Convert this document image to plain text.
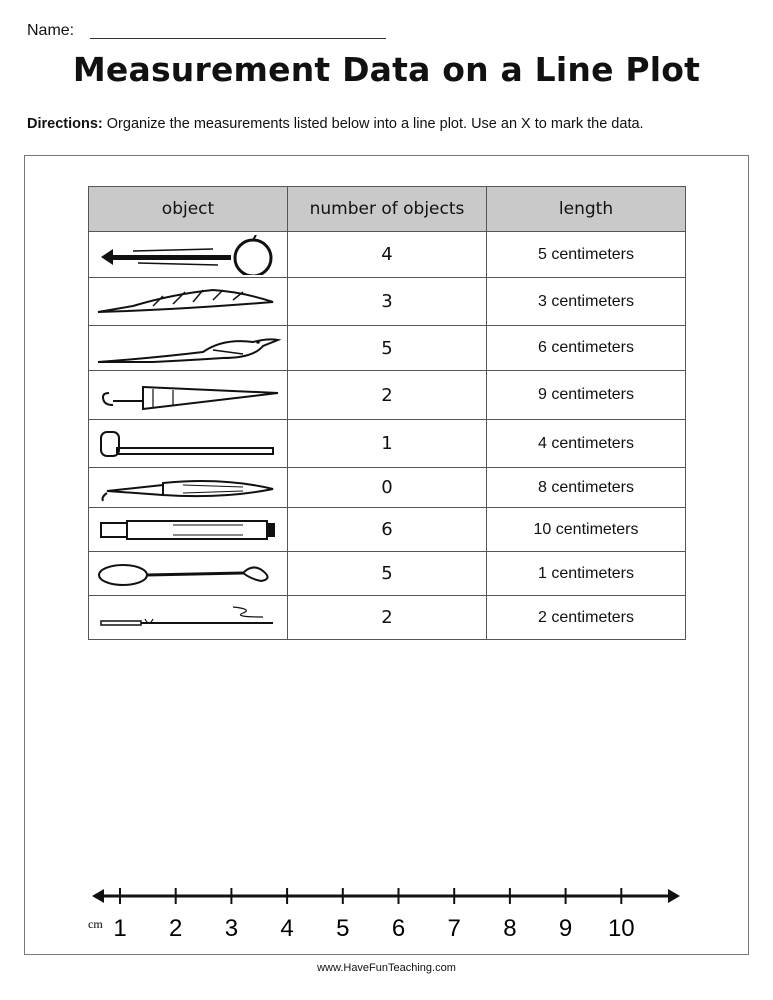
Name:
Measurement Data on a Line Plot
Directions: Organize the measurements listed below into a line plot. Use an X to mark the data.
object	number of objects	length

	4	5 centimeters

	3	3 centimeters

	5	6 centimeters

	2	9 centimeters

	1	4 centimeters

	0	8 centimeters

	6	10 centimeters

	5	1 centimeters

	2	2 centimeters
cm 1 2 3 4 5 6 7 8 9 10
www.HaveFunTeaching.com
